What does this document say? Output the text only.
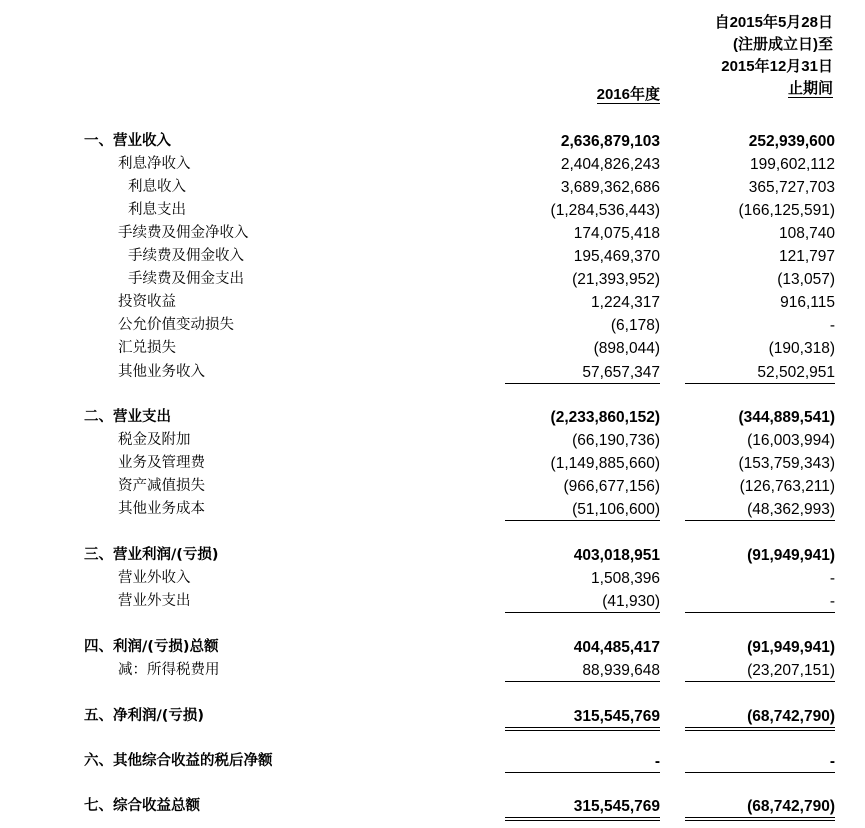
2016年度
自2015年5月28日
(注册成立日)至
2015年12月31日
止期间
一、营业收入	2,636,879,103	252,939,600
利息净收入	2,404,826,243	199,602,112
利息收入	3,689,362,686	365,727,703
利息支出	(1,284,536,443)	(166,125,591)
手续费及佣金净收入	174,075,418	108,740
手续费及佣金收入	195,469,370	121,797
手续费及佣金支出	(21,393,952)	(13,057)
投资收益	1,224,317	916,115
公允价值变动损失	(6,178)	-
汇兑损失	(898,044)	(190,318)
其他业务收入	57,657,347	52,502,951
二、营业支出	(2,233,860,152)	(344,889,541)
税金及附加	(66,190,736)	(16,003,994)
业务及管理费	(1,149,885,660)	(153,759,343)
资产减值损失	(966,677,156)	(126,763,211)
其他业务成本	(51,106,600)	(48,362,993)
三、营业利润/(亏损)	403,018,951	(91,949,941)
营业外收入	1,508,396	-
营业外支出	(41,930)	-
四、利润/(亏损)总额	404,485,417	(91,949,941)
减：所得税费用	88,939,648	(23,207,151)
五、净利润/(亏损)	315,545,769	(68,742,790)
六、其他综合收益的税后净额	-	-
七、综合收益总额	315,545,769	(68,742,790)
